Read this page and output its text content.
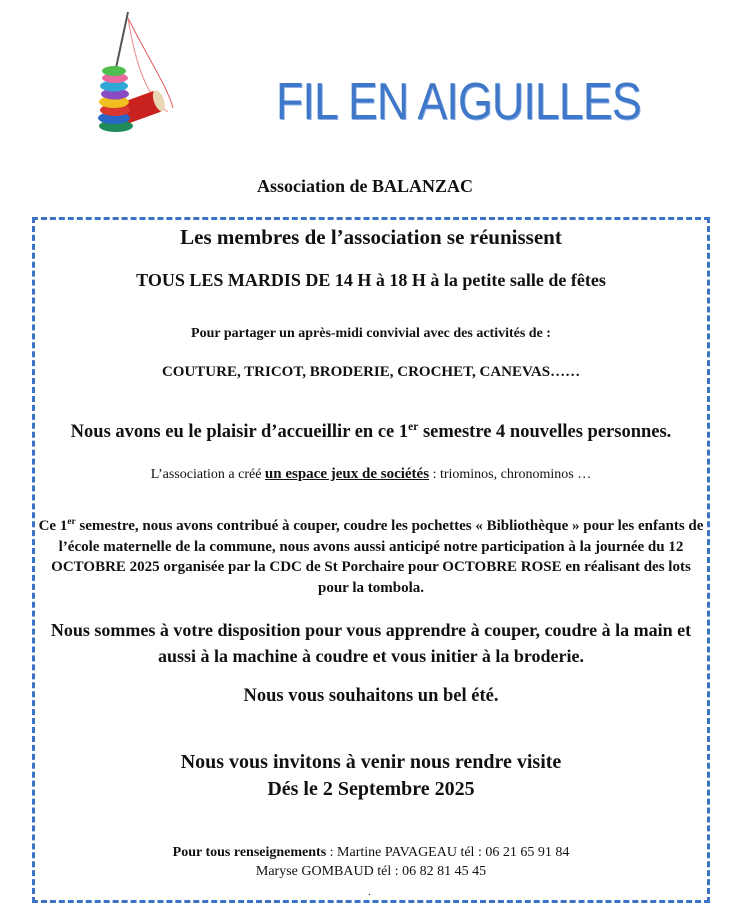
FIL EN AIGUILLES
Association de BALANZAC
Les membres de l’association se réunissent
TOUS LES MARDIS DE 14 H à 18 H à la petite salle de fêtes
Pour partager un après-midi convivial avec des activités de :
COUTURE, TRICOT, BRODERIE, CROCHET, CANEVAS……
Nous avons eu le plaisir d’accueillir en ce 1er semestre 4 nouvelles personnes.
L’association a créé un espace jeux de sociétés : triominos, chronominos …
Ce 1er semestre, nous avons contribué à couper, coudre les pochettes « Bibliothèque » pour les enfants de l’école maternelle de la commune, nous avons aussi anticipé notre participation à la journée du 12 OCTOBRE 2025 organisée par la CDC de St Porchaire pour OCTOBRE ROSE en réalisant des lots pour la tombola.
Nous sommes à votre disposition pour vous apprendre à couper, coudre à la main et aussi à la machine à coudre et vous initier à la broderie.
Nous vous souhaitons un bel été.
Nous vous invitons à venir nous rendre visite
Dés le 2 Septembre 2025
Pour tous renseignements : Martine PAVAGEAU tél : 06 21 65 91 84
Maryse GOMBAUD tél : 06 82 81 45 45
.
